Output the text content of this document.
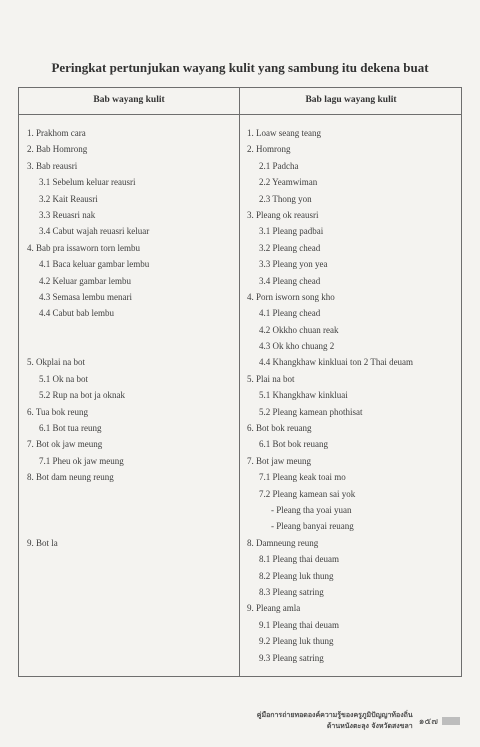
Peringkat pertunjukan wayang kulit yang sambung itu dekena buat
Bab wayang kulit	Bab lagu wayang kulit
1. Prakhom cara
2. Bab Homrong
3. Bab reausri
3.1 Sebelum keluar reausri
3.2 Kait Reausri
3.3 Reuasri nak
3.4 Cabut wajah reuasri keluar
4. Bab pra issaworn torn lembu
4.1 Baca keluar gambar lembu
4.2 Keluar gambar lembu
4.3 Semasa lembu menari
4.4 Cabut bab lembu
5. Okplai na bot
5.1 Ok na bot
5.2 Rup na bot ja oknak
6. Tua bok reung
6.1 Bot tua reung
7. Bot ok jaw meung
7.1 Pheu ok jaw meung
8. Bot dam neung reung
9. Bot la
1. Loaw seang teang
2. Homrong
2.1 Padcha
2.2 Yeamwiman
2.3 Thong yon
3. Pleang ok reausri
3.1 Pleang padbai
3.2 Pleang chead
3.3 Pleang yon yea
3.4 Pleang chead
4. Porn isworn song kho
4.1 Pleang chead
4.2 Okkho chuan reak
4.3 Ok kho chuang 2
4.4 Khangkhaw kinkluai ton 2 Thai deuam
5. Plai na bot
5.1 Khangkhaw kinkluai
5.2 Pleang kamean phothisat
6. Bot bok reuang
6.1 Bot bok reuang
7. Bot jaw meung
7.1 Pleang keak toai mo
7.2 Pleang kamean sai yok
- Pleang tha yoai yuan
- Pleang banyai reuang
8. Damneung reung
8.1 Pleang thai deuam
8.2 Pleang luk thung
8.3 Pleang satring
9. Pleang amla
9.1 Pleang thai deuam
9.2 Pleang luk thung
9.3 Pleang satring
คู่มือการถ่ายทอดองค์ความรู้ของครูภูมิปัญญาท้องถิ่น
ด้านหนังตะลุง จังหวัดสงขลา ๑๕๗
